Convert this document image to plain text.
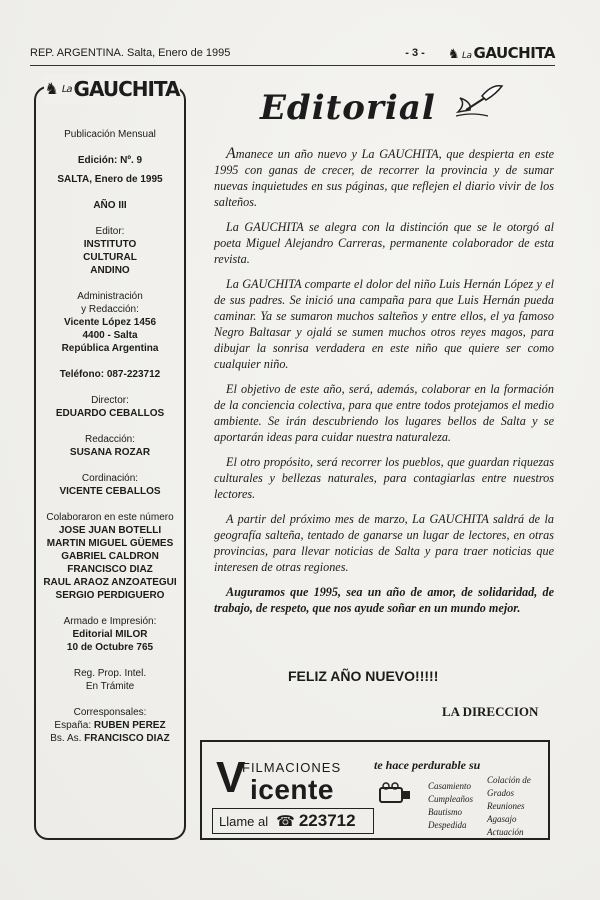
REP. ARGENTINA. Salta, Enero de 1995	- 3 -	♞ La GAUCHITA
♞ La GAUCHITA
Publicación Mensual
Edición: Nº. 9
SALTA, Enero de 1995
AÑO III
Editor:
INSTITUTO
CULTURAL
ANDINO
Administración
y Redacción:
Vicente López 1456
4400 - Salta
República Argentina
Teléfono: 087-223712
Director:
EDUARDO CEBALLOS
Redacción:
SUSANA ROZAR
Cordinación:
VICENTE CEBALLOS
Colaboraron en este número
JOSE JUAN BOTELLI
MARTIN MIGUEL GÜEMES
GABRIEL CALDRON
FRANCISCO DIAZ
RAUL ARAOZ ANZOATEGUI
SERGIO PERDIGUERO
Armado e Impresión:
Editorial MILOR
10 de Octubre 765
Reg. Prop. Intel.
En Trámite
Corresponsales:
España: RUBEN PEREZ
Bs. As. FRANCISCO DIAZ
Editorial

Amanece un año nuevo y La GAUCHITA, que despierta en este 1995 con ganas de crecer, de recorrer la provincia y de sumar nuevas inquietudes en sus páginas, que reflejen el diario vivir de los salteños.

La GAUCHITA se alegra con la distinción que se le otorgó al poeta Miguel Alejandro Carreras, permanente colaborador de esta revista.

La GAUCHITA comparte el dolor del niño Luis Hernán López y el de sus padres. Se inició una campaña para que Luis Hernán pueda caminar. Ya se sumaron muchos salteños y entre ellos, el ya famoso Negro Baltasar y ojalá se sumen muchos otros reyes magos, para dibujar la sonrisa verdadera en este niño que quiere ser como cualquier niño.

El objetivo de este año, será, además, colaborar en la formación de la conciencia colectiva, para que entre todos protejamos el medio ambiente. Se irán descubriendo los lugares bellos de Salta y se aportarán ideas para cuidar nuestra naturaleza.

El otro propósito, será recorrer los pueblos, que guardan riquezas culturales y bellezas naturales, para contagiarlas entre nuestros lectores.

A partir del próximo mes de marzo, La GAUCHITA saldrá de la geografía salteña, tentado de ganarse un lugar de lectores, en otras provincias, para llevar noticias de Salta y para traer noticias que interesen de otras regiones.

Auguramos que 1995, sea un año de amor, de solidaridad, de trabajo, de respeto, que nos ayude soñar en un mundo mejor.

FELIZ AÑO NUEVO!!!!!
LA DIRECCION
FILMACIONES
V icente
te hace perdurable su
Casamiento
Cumpleaños
Bautismo
Despedida
Colación de Grados
Reuniones
Agasajo
Actuación
Llame al ☎ 223712
